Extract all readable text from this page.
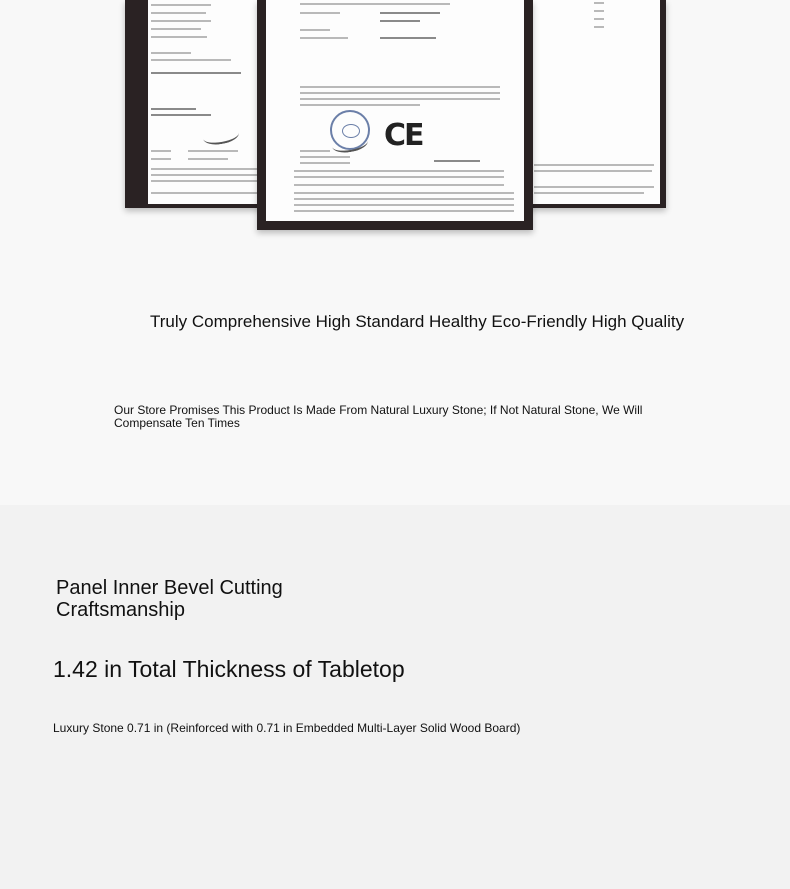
CE
Truly Comprehensive High Standard Healthy Eco-Friendly High Quality
Our Store Promises This Product Is Made From Natural Luxury Stone; If Not Natural Stone, We Will Compensate Ten Times
Panel Inner Bevel Cutting Craftsmanship
1.42 in Total Thickness of Tabletop
Luxury Stone 0.71 in (Reinforced with 0.71 in Embedded Multi-Layer Solid Wood Board)
